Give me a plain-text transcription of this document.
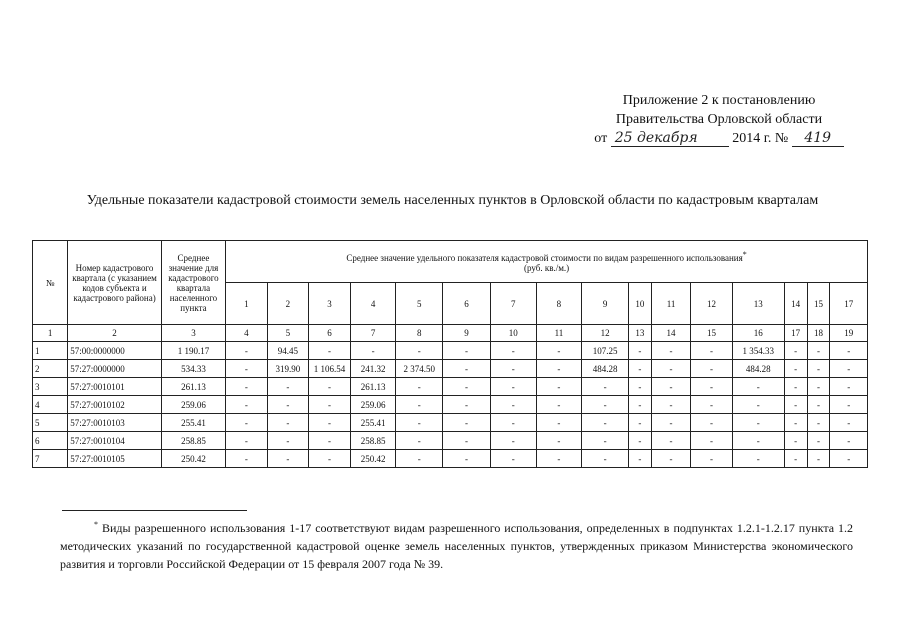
Приложение 2 к постановлению
Правительства Орловской области
от 25 декабря 2014 г. № 419
Удельные показатели кадастровой стоимости земель населенных пунктов в Орловской области по кадастровым кварталам
№	Номер кадастрового квартала (с указанием кодов субъекта и кадастрового района)	Среднее значение для кадастрового квартала населенного пункта	Среднее значение удельного показателя кадастровой стоимости по видам разрешенного использования*
(руб. кв./м.)															
			1	2	3	4	5	6	7	8	9	10	11	12	13	14	15	17
1	2	3	4	5	6	7	8	9	10	11	12	13	14	15	16	17	18	19
1	57:00:0000000	1 190.17	-	94.45	-	-	-	-	-	-	107.25	-	-	-	1 354.33	-	-	-
2	57:27:0000000	534.33	-	319.90	1 106.54	241.32	2 374.50	-	-	-	484.28	-	-	-	484.28	-	-	-
3	57:27:0010101	261.13	-	-	-	261.13	-	-	-	-	-	-	-	-	-	-	-	-
4	57:27:0010102	259.06	-	-	-	259.06	-	-	-	-	-	-	-	-	-	-	-	-
5	57:27:0010103	255.41	-	-	-	255.41	-	-	-	-	-	-	-	-	-	-	-	-
6	57:27:0010104	258.85	-	-	-	258.85	-	-	-	-	-	-	-	-	-	-	-	-
7	57:27:0010105	250.42	-	-	-	250.42	-	-	-	-	-	-	-	-	-	-	-	-

* Виды разрешенного использования 1-17 соответствуют видам разрешенного использования, определенных в подпунктах 1.2.1-1.2.17 пункта 1.2 методических указаний по государственной кадастровой оценке земель населенных пунктов, утвержденных приказом Министерства экономического развития и торговли Российской Федерации от 15 февраля 2007 года № 39.
